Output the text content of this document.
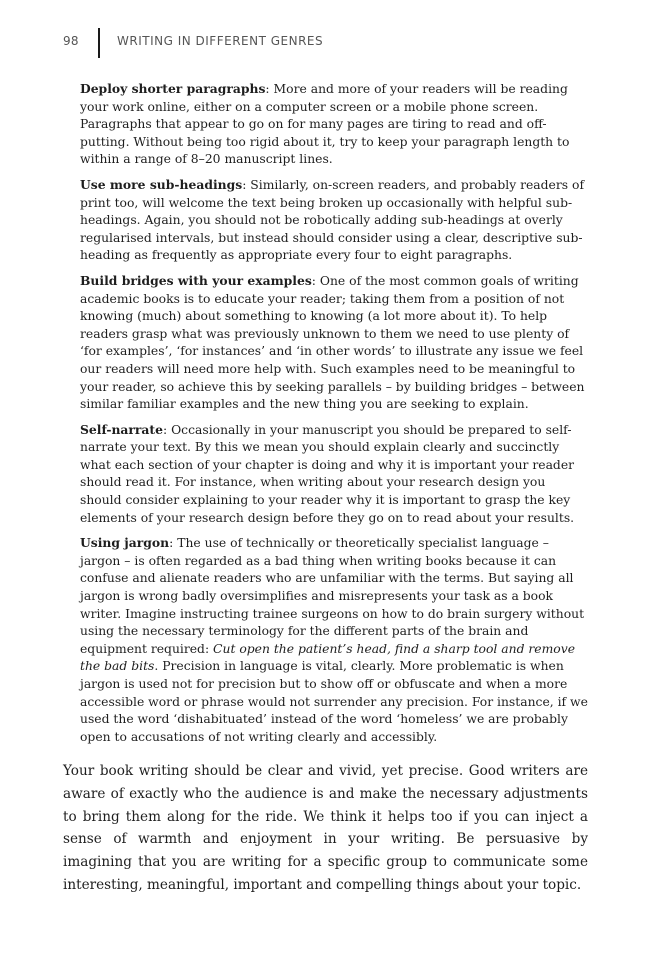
98	WRITING IN DIFFERENT GENRES

Deploy shorter paragraphs: More and more of your readers will be reading your work online, either on a computer screen or a mobile phone screen. Paragraphs that appear to go on for many pages are tiring to read and off-putting. Without being too rigid about it, try to keep your paragraph length to within a range of 8–20 manuscript lines.

Use more sub-headings: Similarly, on-screen readers, and probably readers of print too, will welcome the text being broken up occasionally with helpful sub-headings. Again, you should not be robotically adding sub-headings at overly regularised intervals, but instead should consider using a clear, descriptive sub-heading as frequently as appropriate every four to eight paragraphs.

Build bridges with your examples: One of the most common goals of writing academic books is to educate your reader; taking them from a position of not knowing (much) about something to knowing (a lot more about it). To help readers grasp what was previously unknown to them we need to use plenty of ‘for examples’, ‘for instances’ and ‘in other words’ to illustrate any issue we feel our readers will need more help with. Such examples need to be meaningful to your reader, so achieve this by seeking parallels – by building bridges – between similar familiar examples and the new thing you are seeking to explain.

Self-narrate: Occasionally in your manuscript you should be prepared to self-narrate your text. By this we mean you should explain clearly and succinctly what each section of your chapter is doing and why it is important your reader should read it. For instance, when writing about your research design you should consider explaining to your reader why it is important to grasp the key elements of your research design before they go on to read about your results.

Using jargon: The use of technically or theoretically specialist language – jargon – is often regarded as a bad thing when writing books because it can confuse and alienate readers who are unfamiliar with the terms. But saying all jargon is wrong badly oversimplifies and misrepresents your task as a book writer. Imagine instructing trainee surgeons on how to do brain surgery without using the necessary terminology for the different parts of the brain and equipment required: Cut open the patient’s head, find a sharp tool and remove the bad bits. Precision in language is vital, clearly. More problematic is when jargon is used not for precision but to show off or obfuscate and when a more accessible word or phrase would not surrender any precision. For instance, if we used the word ‘dishabituated’ instead of the word ‘homeless’ we are probably open to accusations of not writing clearly and accessibly.

Your book writing should be clear and vivid, yet precise. Good writers are aware of exactly who the audience is and make the necessary adjustments to bring them along for the ride. We think it helps too if you can inject a sense of warmth and enjoyment in your writing. Be persuasive by imagining that you are writing for a specific group to communicate some interesting, meaningful, important and compelling things about your topic.
